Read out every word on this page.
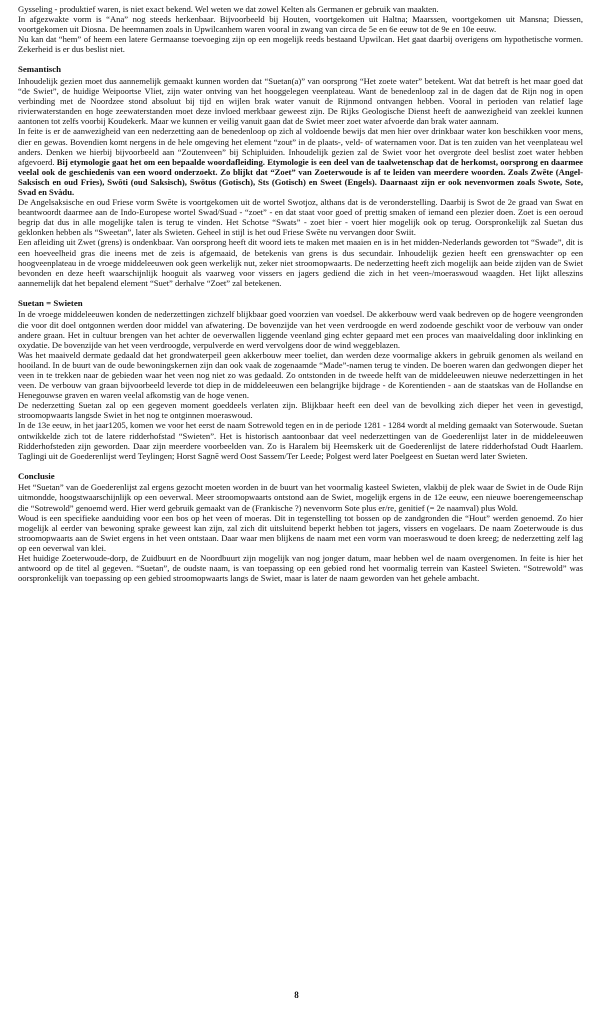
Gysseling - produktief waren, is niet exact bekend. Wel weten we dat zowel Kelten als Germanen er gebruik van maakten.

In afgezwakte vorm is “Ana” nog steeds herkenbaar. Bijvoorbeeld bij Houten, voortgekomen uit Haltna; Maarssen, voortgekomen uit Mansna; Diessen, voortgekomen uit Diosna. De heemnamen zoals in Upwilcanhem waren vooral in zwang van circa de 5e en 6e eeuw tot de 9e en 10e eeuw.

Nu kan dat “hem” of heem een latere Germaanse toevoeging zijn op een mogelijk reeds bestaand Upwilcan. Het gaat daarbij overigens om hypothetische vormen. Zekerheid is er dus beslist niet.

Semantisch

Inhoudelijk gezien moet dus aannemelijk gemaakt kunnen worden dat “Suetan(a)” van oorsprong “Het zoete water” betekent. Wat dat betreft is het maar goed dat “de Swiet”, de huidige Weipoortse Vliet, zijn water ontving van het hooggelegen veenplateau. Want de benedenloop zal in de dagen dat de Rijn nog in open verbinding met de Noordzee stond absoluut bij tijd en wijlen brak water vanuit de Rijnmond ontvangen hebben. Vooral in perioden van relatief lage rivierwaterstanden en hoge zeewaterstanden moet deze invloed merkbaar geweest zijn. De Rijks Geologische Dienst heeft de aanwezigheid van zeeklei kunnen aantonen tot zelfs voorbij Koudekerk. Maar we kunnen er veilig vanuit gaan dat de Swiet meer zoet water afvoerde dan brak water aannam.

In feite is er de aanwezigheid van een nederzetting aan de benedenloop op zich al voldoende bewijs dat men hier over drinkbaar water kon beschikken voor mens, dier en gewas. Bovendien komt nergens in de hele omgeving het element “zout” in de plaats-, veld- of waternamen voor. Dat is ten zuiden van het veenplateau wel anders. Denken we hierbij bijvoorbeeld aan “Zoutenveen” bij Schipluiden. Inhoudelijk gezien zal de Swiet voor het overgrote deel beslist zoet water hebben afgevoerd. Bij etymologie gaat het om een bepaalde woordafleiding. Etymologie is een deel van de taalwetenschap dat de herkomst, oorsprong en daarmee veelal ook de geschiedenis van een woord onderzoekt. Zo blijkt dat “Zoet” van Zoeterwoude is af te leiden van meerdere woorden. Zoals Zwēte (Angel-Saksisch en oud Fries), Swōti (oud Saksisch), Swōtus (Gotisch), Sts (Gotisch) en Sweet (Engels). Daarnaast zijn er ook nevenvormen zoals Swote, Sote, Svad en Svàdu.

De Angelsaksische en oud Friese vorm Swēte is voortgekomen uit de wortel Swotjoz, althans dat is de veronderstelling. Daarbij is Swot de 2e graad van Swat en beantwoordt daarmee aan de Indo-Europese wortel Swad/Suad - “zoet” - en dat staat voor goed of prettig smaken of iemand een plezier doen. Zoet is een oeroud begrip dat dus in alle mogelijke talen is terug te vinden. Het Schotse “Swats” - zoet bier - voert hier mogelijk ook op terug. Oorspronkelijk zal Suetan dus geklonken hebben als “Sweetan”, later als Swieten. Geheel in stijl is het oud Friese Swēte nu vervangen door Swiit.

Een afleiding uit Zwet (grens) is ondenkbaar. Van oorsprong heeft dit woord iets te maken met maaien en is in het midden-Nederlands geworden tot “Swade”, dit is een hoeveelheid gras die ineens met de zeis is afgemaaid, de betekenis van grens is dus secundair. Inhoudelijk gezien heeft een grenswachter op een hoogveenplateau in de vroege middeleeuwen ook geen werkelijk nut, zeker niet stroomopwaarts. De nederzetting heeft zich mogelijk aan beide zijden van de Swiet bevonden en deze heeft waarschijnlijk hooguit als vaarweg voor vissers en jagers gediend die zich in het veen-/moeraswoud waagden. Het lijkt alleszins aannemelijk dat het bepalend element “Suet” derhalve “Zoet” zal betekenen.

Suetan = Swieten

In de vroege middeleeuwen konden de nederzettingen zichzelf blijkbaar goed voorzien van voedsel. De akkerbouw werd vaak bedreven op de hogere veengronden die voor dit doel ontgonnen werden door middel van afwatering. De bovenzijde van het veen verdroogde en werd zodoende geschikt voor de verbouw van onder andere graan. Het in cultuur brengen van het achter de oeverwallen liggende veenland ging echter gepaard met een proces van maaiveldaling door inklinking en oxydatie. De bovenzijde van het veen verdroogde, verpulverde en werd vervolgens door de wind weggeblazen.

Was het maaiveld dermate gedaald dat het grondwaterpeil geen akkerbouw meer toeliet, dan werden deze voormalige akkers in gebruik genomen als weiland en hooiland. In de buurt van de oude bewoningskernen zijn dan ook vaak de zogenaamde “Made”-namen terug te vinden. De boeren waren dan gedwongen dieper het veen in te trekken naar de gebieden waar het veen nog niet zo was gedaald. Zo ontstonden in de tweede helft van de middeleeuwen nieuwe nederzettingen in het veen. De verbouw van graan bijvoorbeeld leverde tot diep in de middeleeuwen een belangrijke bijdrage - de Korentienden - aan de staatskas van de Hollandse en Henegouwse graven en waren veelal afkomstig van de hoge venen.

De nederzetting Suetan zal op een gegeven moment goeddeels verlaten zijn. Blijkbaar heeft een deel van de bevolking zich dieper het veen in gevestigd, stroomopwaarts langsde Swiet in het nog te ontginnen moeraswoud.

In de 13e eeuw, in het jaar1205, komen we voor het eerst de naam Sotrewold tegen en in de periode 1281 - 1284 wordt al melding gemaakt van Soterwoude. Suetan ontwikkelde zich tot de latere ridderhofstad “Swieten”. Het is historisch aantoonbaar dat veel nederzettingen van de Goederenlijst later in de middeleeuwen Ridderhofsteden zijn geworden. Daar zijn meerdere voorbeelden van. Zo is Haralem bij Heemskerk uit de Goederenlijst de latere ridderhofstad Oudt Haarlem. Taglingi uit de Goederenlijst werd Teylingen; Horst Sagnē werd Oost Sassem/Ter Leede; Polgest werd later Poelgeest en Suetan werd later Swieten.

Conclusie

Het “Suetan” van de Goederenlijst zal ergens gezocht moeten worden in de buurt van het voormalig kasteel Swieten, vlakbij de plek waar de Swiet in de Oude Rijn uitmondde, hoogstwaarschijnlijk op een oeverwal. Meer stroomopwaarts ontstond aan de Swiet, mogelijk ergens in de 12e eeuw, een nieuwe boerengemeenschap die “Sotrewold” genoemd werd. Hier werd gebruik gemaakt van de (Frankische ?) nevenvorm Sote plus er/re, genitief (= 2e naamval) plus Wold.

Woud is een specifieke aanduiding voor een bos op het veen of moeras. Dit in tegenstelling tot bossen op de zandgronden die “Hout” werden genoemd. Zo hier mogelijk al eerder van bewoning sprake geweest kan zijn, zal zich dit uitsluitend beperkt hebben tot jagers, vissers en vogelaars. De naam Zoeterwoude is dus stroomopwaarts aan de Swiet ergens in het veen ontstaan. Daar waar men blijkens de naam met een vorm van moeraswoud te doen kreeg; de nederzetting zelf lag op een oeverwal van klei.

Het huidige Zoeterwoude-dorp, de Zuidbuurt en de Noordbuurt zijn mogelijk van nog jonger datum, maar hebben wel de naam overgenomen. In feite is hier het antwoord op de titel al gegeven. “Suetan”, de oudste naam, is van toepassing op een gebied rond het voormalig terrein van Kasteel Swieten. “Sotrewold” was oorspronkelijk van toepassing op een gebied stroomopwaarts langs de Swiet, maar is later de naam geworden van het gehele ambacht.

8
